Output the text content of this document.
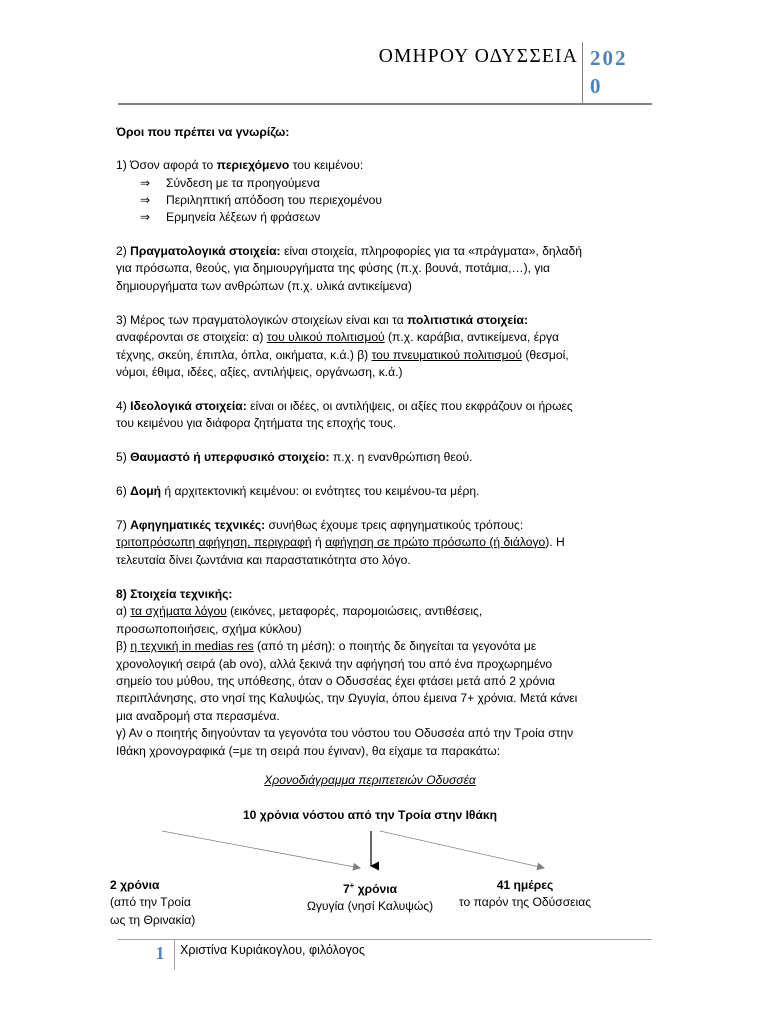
ΟΜΗΡΟΥ ΟΔΥΣΣΕΙΑ 202
0
Όροι που πρέπει να γνωρίζω:
1) Όσον αφορά το περιεχόμενο του κειμένου:
⇒ Σύνδεση με τα προηγούμενα
⇒ Περιληπτική απόδοση του περιεχομένου
⇒ Ερμηνεία λέξεων ή φράσεων
2) Πραγματολογικά στοιχεία: είναι στοιχεία, πληροφορίες για τα «πράγματα», δηλαδή
για πρόσωπα, θεούς, για δημιουργήματα της φύσης (π.χ. βουνά, ποτάμια,…), για
δημιουργήματα των ανθρώπων (π.χ. υλικά αντικείμενα)
3) Μέρος των πραγματολογικών στοιχείων είναι και τα πολιτιστικά στοιχεία:
αναφέρονται σε στοιχεία: α) του υλικού πολιτισμού (π.χ. καράβια, αντικείμενα, έργα
τέχνης, σκεύη, έπιπλα, όπλα, οικήματα, κ.ά.) β) του πνευματικού πολιτισμού (θεσμοί,
νόμοι, έθιμα, ιδέες, αξίες, αντιλήψεις, οργάνωση, κ.ά.)
4) Ιδεολογικά στοιχεία: είναι οι ιδέες, οι αντιλήψεις, οι αξίες που εκφράζουν οι ήρωες
του κειμένου για διάφορα ζητήματα της εποχής τους.
5) Θαυμαστό ή υπερφυσικό στοιχείο: π.χ. η ενανθρώπιση θεού.
6) Δομή ή αρχιτεκτονική κειμένου: οι ενότητες του κειμένου-τα μέρη.
7) Αφηγηματικές τεχνικές: συνήθως έχουμε τρεις αφηγηματικούς τρόπους:
τριτοπρόσωπη αφήγηση, περιγραφή ή αφήγηση σε πρώτο πρόσωπο (ή διάλογο). Η
τελευταία δίνει ζωντάνια και παραστατικότητα στο λόγο.
8) Στοιχεία τεχνικής:
α) τα σχήματα λόγου (εικόνες, μεταφορές, παρομοιώσεις, αντιθέσεις,
προσωποποιήσεις, σχήμα κύκλου)
β) η τεχνική in medias res (από τη μέση): ο ποιητής δε διηγείται τα γεγονότα με
χρονολογική σειρά (ab ovo), αλλά ξεκινά την αφήγησή του από ένα προχωρημένο
σημείο του μύθου, της υπόθεσης, όταν ο Οδυσσέας έχει φτάσει μετά από 2 χρόνια
περιπλάνησης, στο νησί της Καλυψώς, την Ωγυγία, όπου έμεινα 7+ χρόνια. Μετά κάνει
μια αναδρομή στα περασμένα.
γ) Αν ο ποιητής διηγούνταν τα γεγονότα του νόστου του Οδυσσέα από την Τροία στην
Ιθάκη χρονογραφικά (=με τη σειρά που έγιναν), θα είχαμε τα παρακάτω:
Χρονοδιάγραμμα περιπετειών Οδυσσέα
10 χρόνια νόστου από την Τροία στην Ιθάκη
2 χρόνια
(από την Τροία
ως τη Θρινακία)
7+ χρόνια
Ωγυγία (νησί Καλυψώς)
41 ημέρες
το παρόν της Οδύσσειας
1	Χριστίνα Κυριάκογλου, φιλόλογος
